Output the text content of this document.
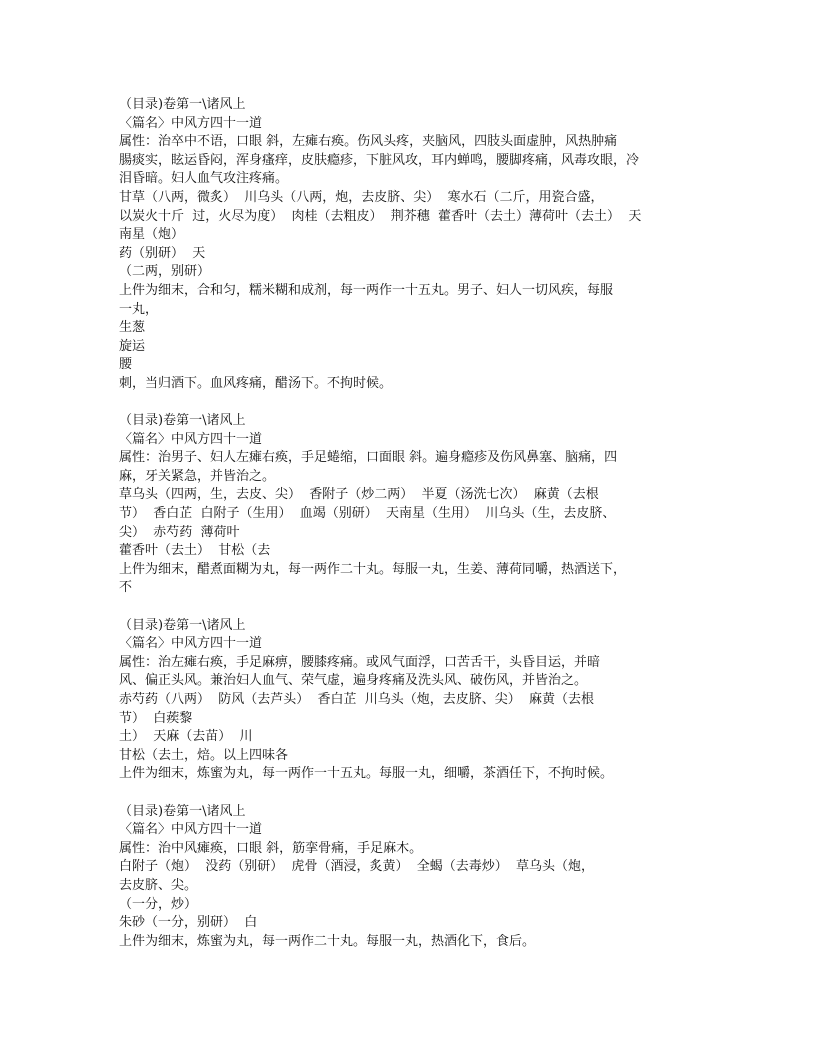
（目录)卷第一\诸风上
〈篇名〉中风方四十一道
属性：治卒中不语，口眼 斜，左瘫右痪。伤风头疼，夹脑风，四肢头面虚肿，风热肿痛
腸痰实，眩运昏闷，浑身瘙痒，皮肤瘾疹，下脏风攻，耳内蝉鸣，腰脚疼痛，风毒攻眼，冷
泪昏暗。妇人血气攻注疼痛。
甘草（八两，微炙）  川乌头（八两，炮，去皮脐、尖）  寒水石（二斤，用瓷合盛，
以炭火十斤  过，火尽为度）  肉桂（去粗皮）  荆芥穗  藿香叶（去土）薄荷叶（去土）  天
南星（炮）
药（别研）  天
（二两，别研）
上件为细末，合和匀，糯米糊和成剂，每一两作一十五丸。男子、妇人一切风疾，每服
一丸，
生葱
旋运
腰
刺，当归酒下。血风疼痛，醋汤下。不拘时候。
（目录)卷第一\诸风上
〈篇名〉中风方四十一道
属性：治男子、妇人左瘫右痪，手足蜷缩，口面眼 斜。遍身瘾疹及伤风鼻塞、脑痛，四
麻，牙关紧急，并皆治之。
草乌头（四两，生，去皮、尖）  香附子（炒二两）  半夏（汤洗七次）  麻黄（去根
节）  香白芷  白附子（生用）  血竭（别研）  天南星（生用）  川乌头（生，去皮脐、
尖）  赤芍药  薄荷叶
藿香叶（去土）  甘松（去
上件为细末，醋煮面糊为丸，每一两作二十丸。每服一丸，生姜、薄荷同嚼，热酒送下，
不
（目录)卷第一\诸风上
〈篇名〉中风方四十一道
属性：治左瘫右痪，手足麻痹，腰膝疼痛。或风气面浮，口苦舌干，头昏目运，并暗
风、偏正头风。兼治妇人血气、荣气虚，遍身疼痛及洗头风、破伤风，并皆治之。
赤芍药（八两）  防风（去芦头）  香白芷  川乌头（炮，去皮脐、尖）  麻黄（去根
节）  白蒺黎
土）  天麻（去苗）  川
甘松（去土，焙。以上四味各
上件为细末，炼蜜为丸，每一两作一十五丸。每服一丸，细嚼，茶酒任下，不拘时候。
（目录)卷第一\诸风上
〈篇名〉中风方四十一道
属性：治中风瘫痪，口眼 斜，筋挛骨痛，手足麻木。
白附子（炮）  没药（别研）  虎骨（酒浸，炙黄）  全蝎（去毒炒）  草乌头（炮，
去皮脐、尖。
（一分，炒）
朱砂（一分，别研）  白
上件为细末，炼蜜为丸，每一两作二十丸。每服一丸，热酒化下，食后。
